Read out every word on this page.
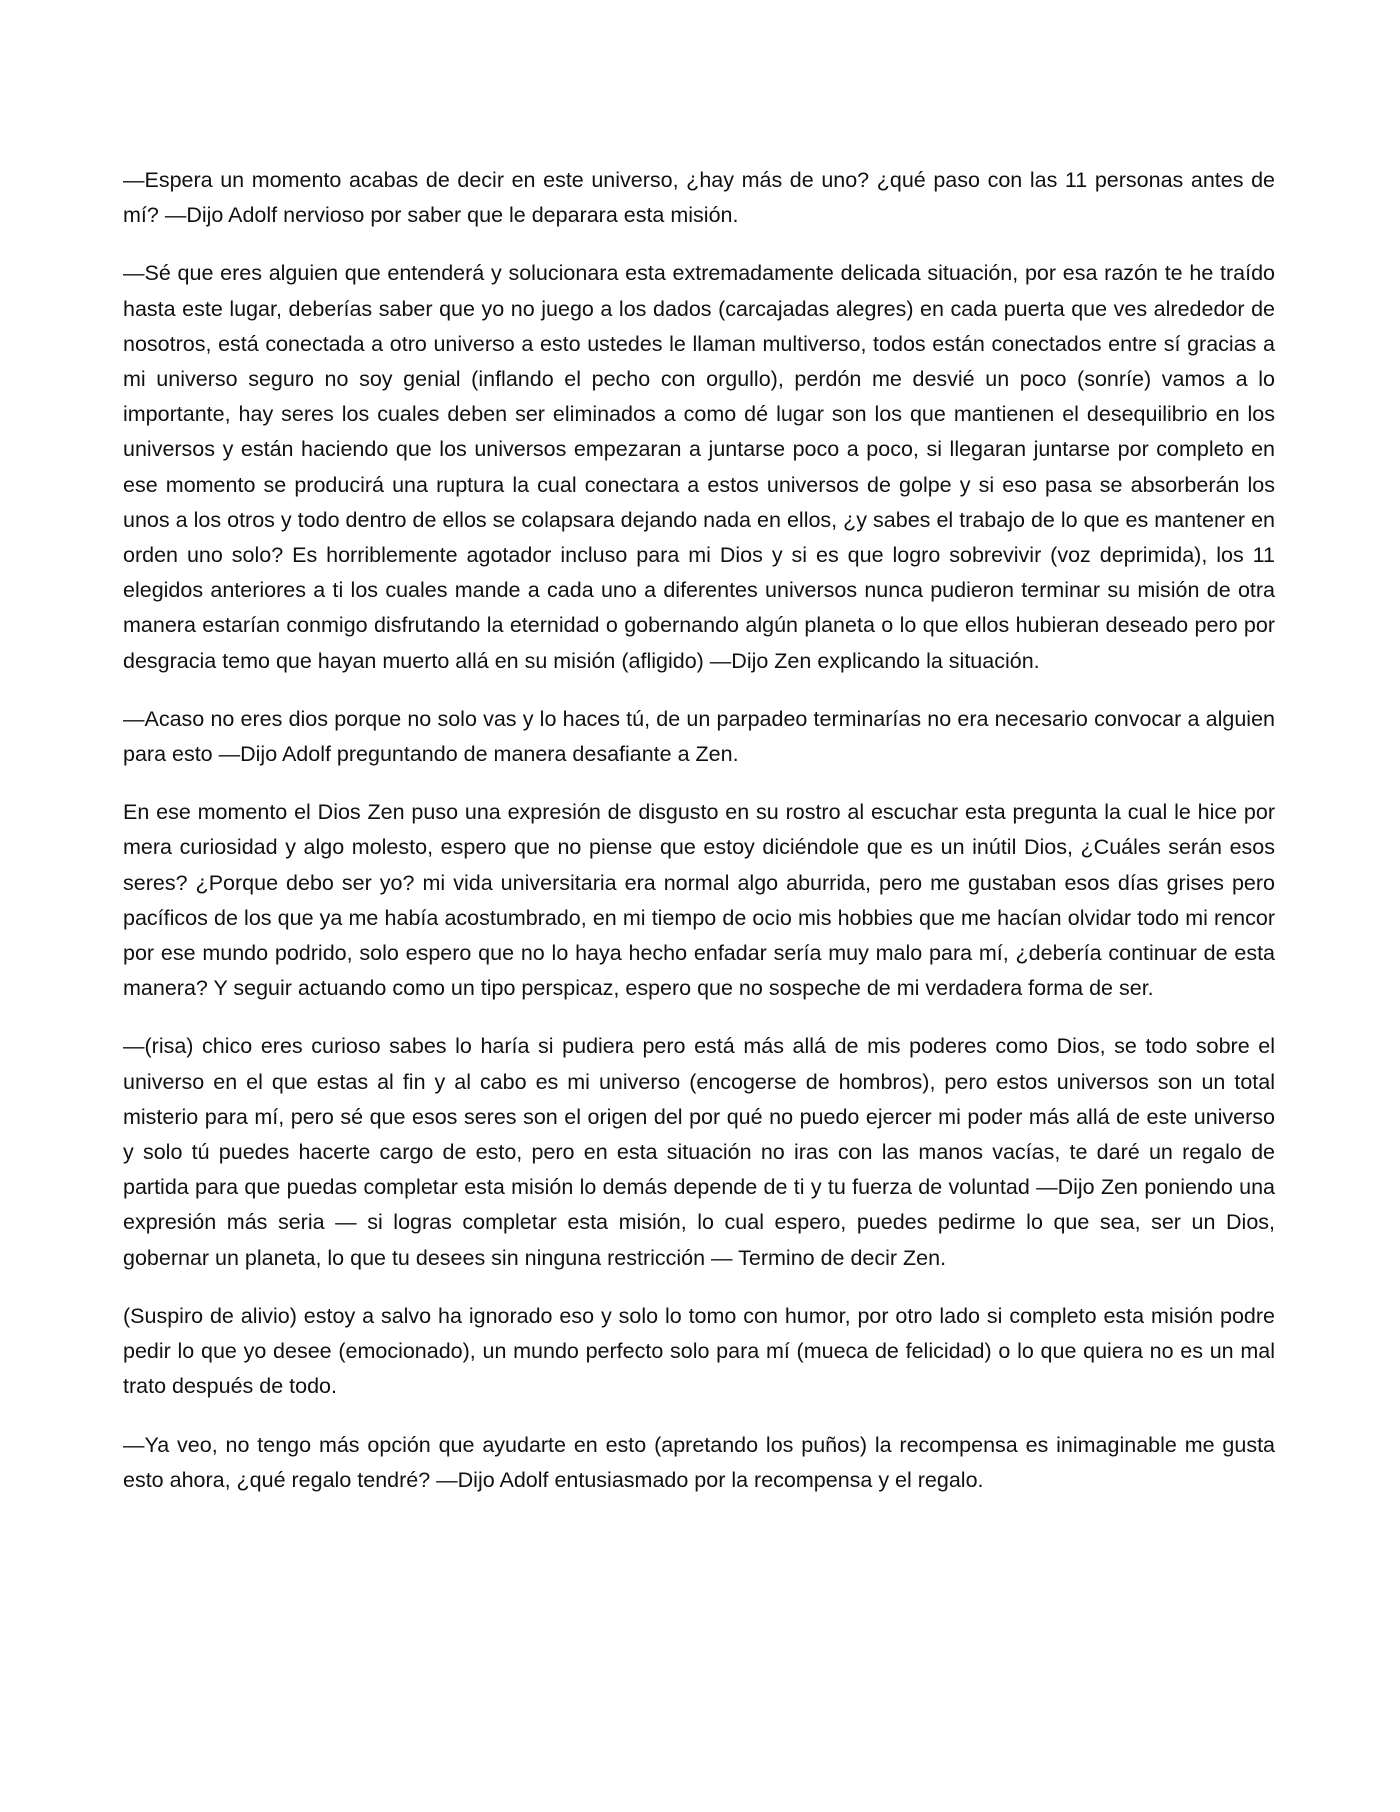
—Espera un momento acabas de decir en este universo, ¿hay más de uno? ¿qué paso con las 11 personas antes de mí? —Dijo Adolf nervioso por saber que le deparara esta misión.

—Sé que eres alguien que entenderá y solucionara esta extremadamente delicada situación, por esa razón te he traído hasta este lugar, deberías saber que yo no juego a los dados (carcajadas alegres) en cada puerta que ves alrededor de nosotros, está conectada a otro universo a esto ustedes le llaman multiverso, todos están conectados entre sí gracias a mi universo seguro no soy genial (inflando el pecho con orgullo), perdón me desvié un poco (sonríe) vamos a lo importante, hay seres los cuales deben ser eliminados a como dé lugar son los que mantienen el desequilibrio en los universos y están haciendo que los universos empezaran a juntarse poco a poco, si llegaran juntarse por completo en ese momento se producirá una ruptura la cual conectara a estos universos de golpe y si eso pasa se absorberán los unos a los otros y todo dentro de ellos se colapsara dejando nada en ellos, ¿y sabes el trabajo de lo que es mantener en orden uno solo? Es horriblemente agotador incluso para mi Dios y si es que logro sobrevivir (voz deprimida), los 11 elegidos anteriores a ti los cuales mande a cada uno a diferentes universos nunca pudieron terminar su misión de otra manera estarían conmigo disfrutando la eternidad o gobernando algún planeta o lo que ellos hubieran deseado pero por desgracia temo que hayan muerto allá en su misión (afligido) —Dijo Zen explicando la situación.

—Acaso no eres dios porque no solo vas y lo haces tú, de un parpadeo terminarías no era necesario convocar a alguien para esto —Dijo Adolf preguntando de manera desafiante a Zen.

En ese momento el Dios Zen puso una expresión de disgusto en su rostro al escuchar esta pregunta la cual le hice por mera curiosidad y algo molesto, espero que no piense que estoy diciéndole que es un inútil Dios, ¿Cuáles serán esos seres? ¿Porque debo ser yo? mi vida universitaria era normal algo aburrida, pero me gustaban esos días grises pero pacíficos de los que ya me había acostumbrado, en mi tiempo de ocio mis hobbies que me hacían olvidar todo mi rencor por ese mundo podrido, solo espero que no lo haya hecho enfadar sería muy malo para mí, ¿debería continuar de esta manera? Y seguir actuando como un tipo perspicaz, espero que no sospeche de mi verdadera forma de ser.

—(risa) chico eres curioso sabes lo haría si pudiera pero está más allá de mis poderes como Dios, se todo sobre el universo en el que estas al fin y al cabo es mi universo (encogerse de hombros), pero estos universos son un total misterio para mí, pero sé que esos seres son el origen del por qué no puedo ejercer mi poder más allá de este universo y solo tú puedes hacerte cargo de esto, pero en esta situación no iras con las manos vacías, te daré un regalo de partida para que puedas completar esta misión lo demás depende de ti y tu fuerza de voluntad —Dijo Zen poniendo una expresión más seria — si logras completar esta misión, lo cual espero, puedes pedirme lo que sea, ser un Dios, gobernar un planeta, lo que tu desees sin ninguna restricción — Termino de decir Zen.

(Suspiro de alivio) estoy a salvo ha ignorado eso y solo lo tomo con humor, por otro lado si completo esta misión podre pedir lo que yo desee (emocionado), un mundo perfecto solo para mí (mueca de felicidad) o lo que quiera no es un mal trato después de todo.

—Ya veo, no tengo más opción que ayudarte en esto (apretando los puños) la recompensa es inimaginable me gusta esto ahora, ¿qué regalo tendré? —Dijo Adolf entusiasmado por la recompensa y el regalo.
